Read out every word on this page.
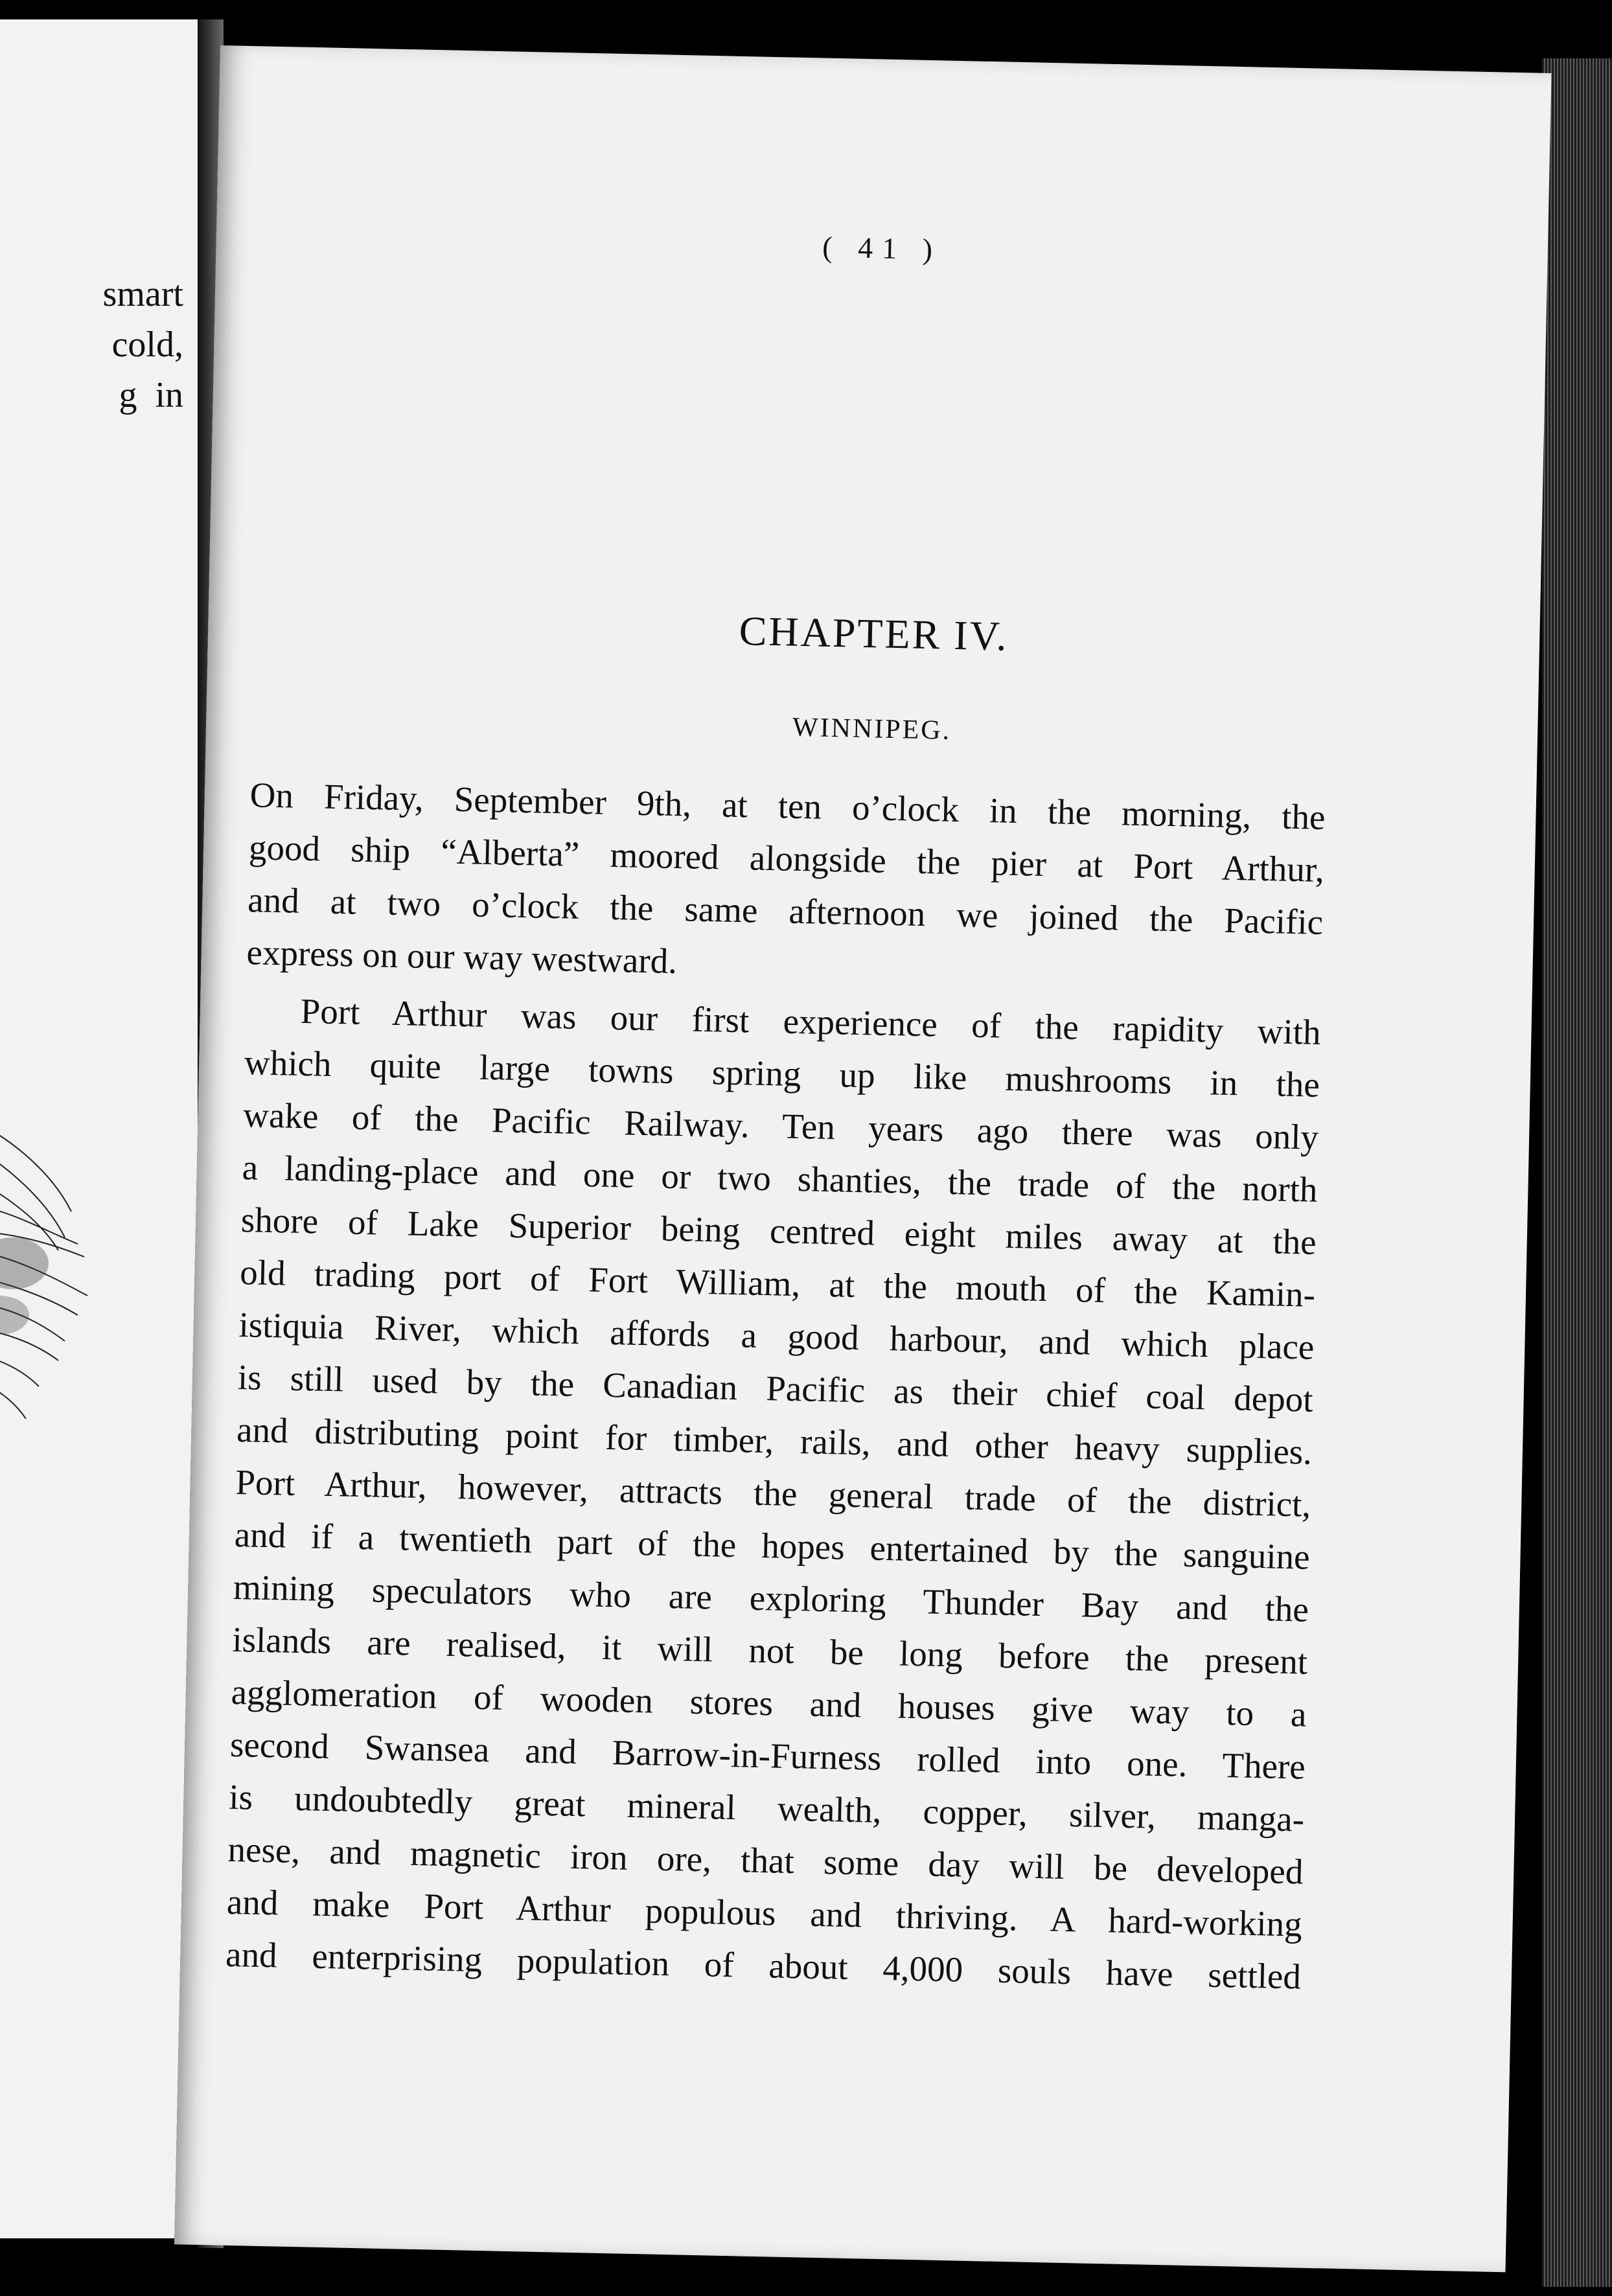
smart
cold,
g  in
( 41 )
CHAPTER IV.
WINNIPEG.
On Friday, September 9th, at ten o’clock in the morning, the
good ship “Alberta” moored alongside the pier at Port Arthur,
and at two o’clock the same afternoon we joined the Pacific
express on our way westward.
Port Arthur was our first experience of the rapidity with
which quite large towns spring up like mushrooms in the
wake of the Pacific Railway. Ten years ago there was only
a landing-place and one or two shanties, the trade of the north
shore of Lake Superior being centred eight miles away at the
old trading port of Fort William, at the mouth of the Kamin-
istiquia River, which affords a good harbour, and which place
is still used by the Canadian Pacific as their chief coal depot
and distributing point for timber, rails, and other heavy supplies.
Port Arthur, however, attracts the general trade of the district,
and if a twentieth part of the hopes entertained by the sanguine
mining speculators who are exploring Thunder Bay and the
islands are realised, it will not be long before the present
agglomeration of wooden stores and houses give way to a
second Swansea and Barrow-in-Furness rolled into one. There
is undoubtedly great mineral wealth, copper, silver, manga-
nese, and magnetic iron ore, that some day will be developed
and make Port Arthur populous and thriving. A hard-working
and enterprising population of about 4,000 souls have settled
